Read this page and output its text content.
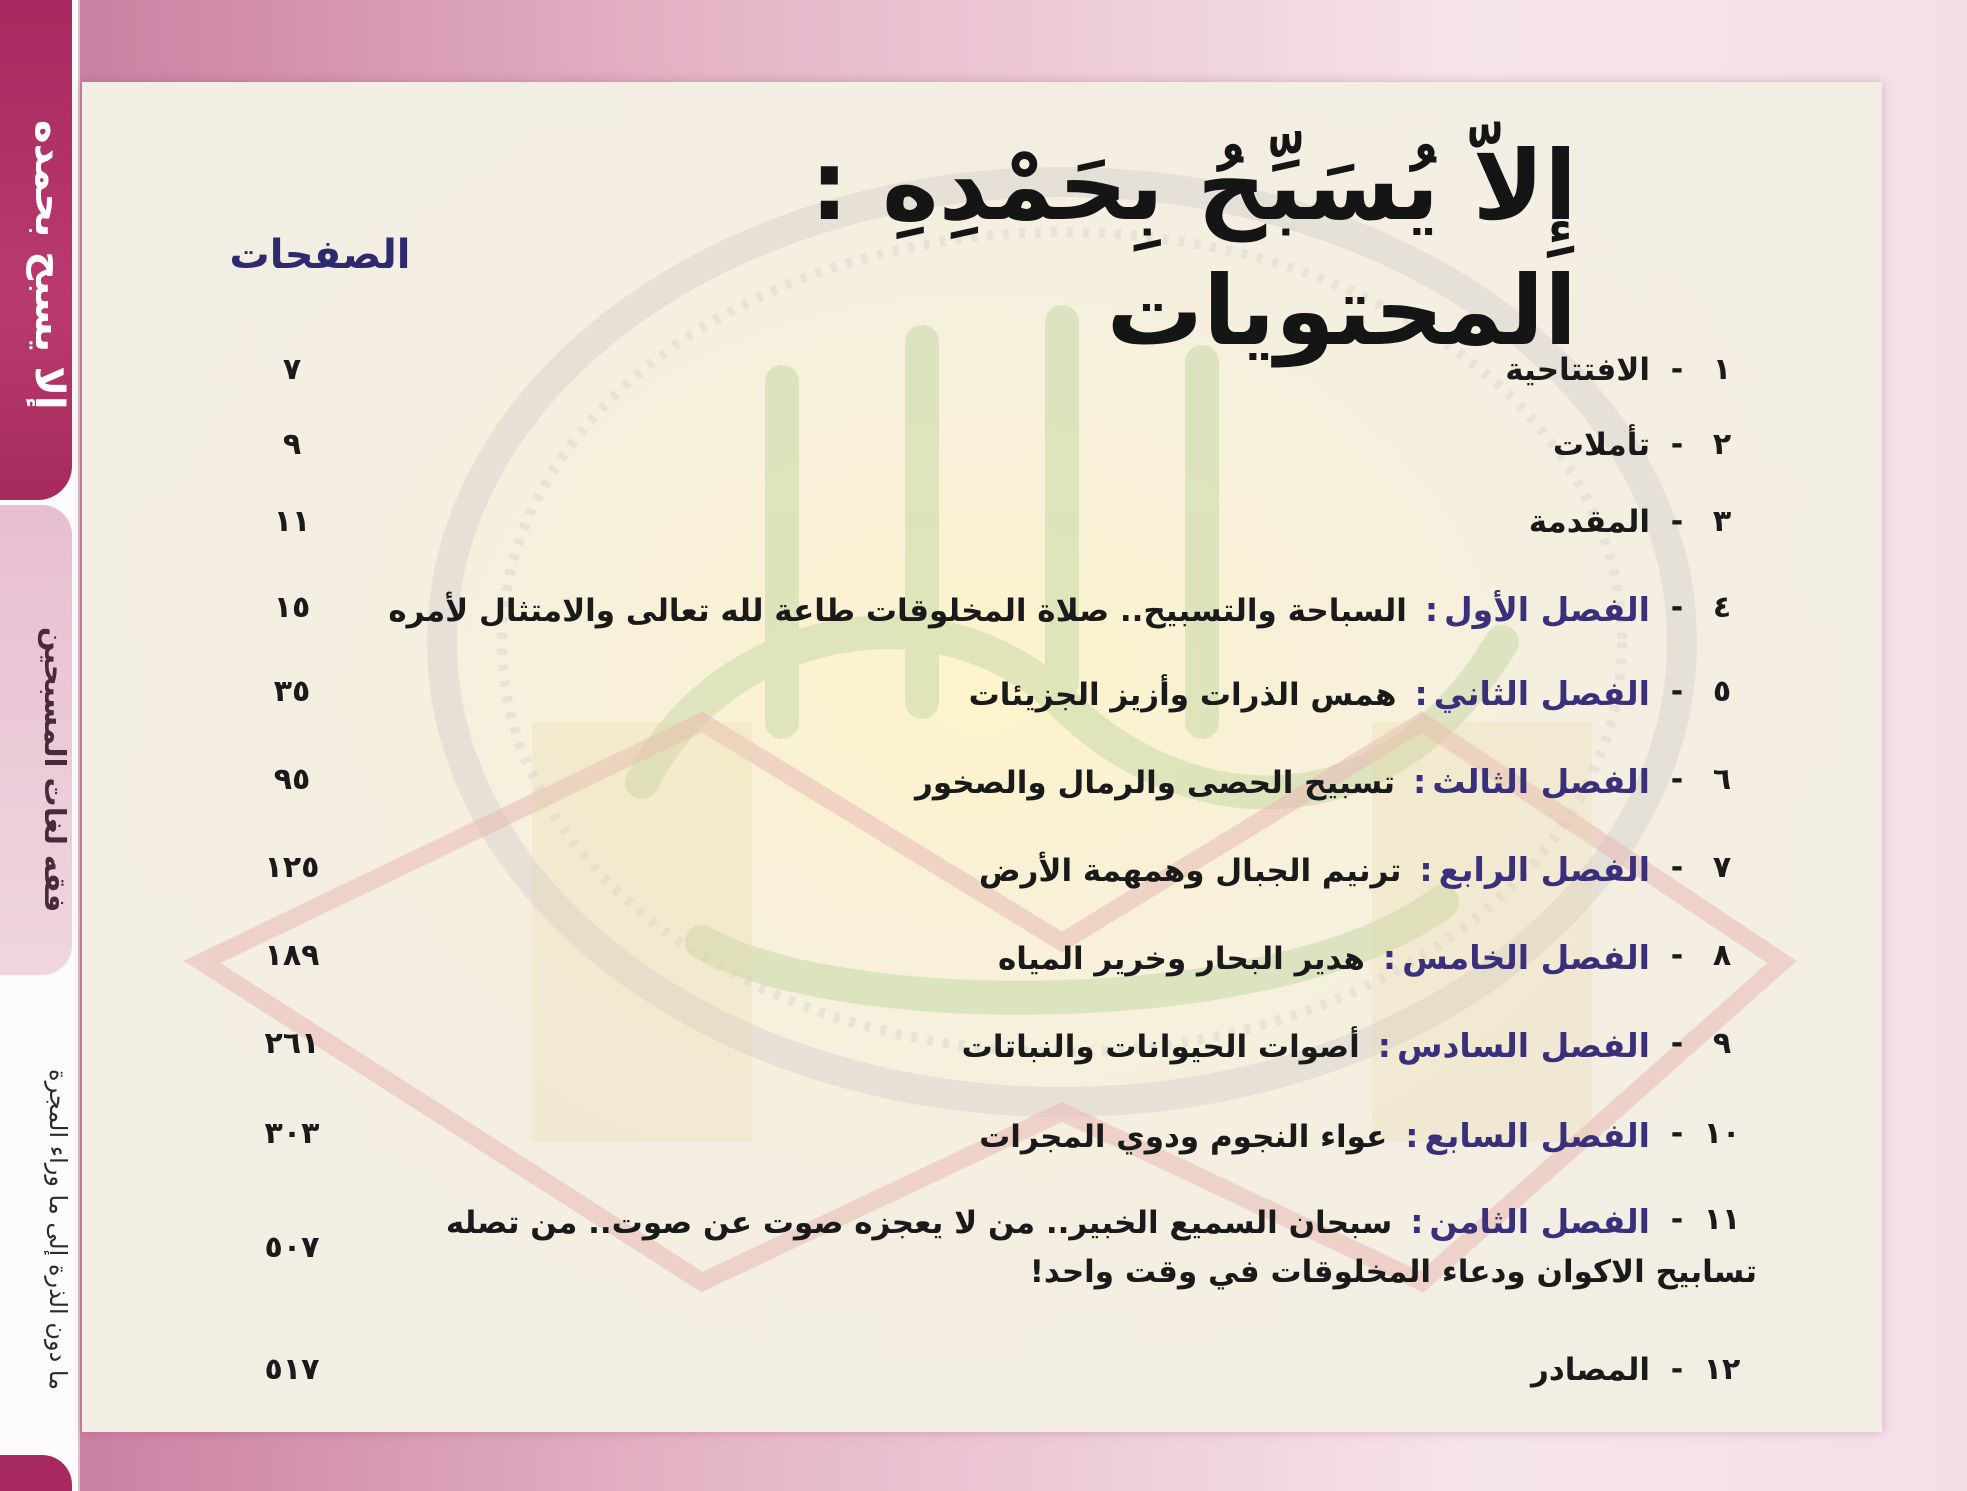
إلا يسبح بحمده
فقه لغات المسبحين
ما دون الذرة إلى ما وراء المجرة
إِلاّ يُسَبِّحُ بِحَمْدِهِ : المحتويات
الصفحات
١
-
الافتتاحية
٧
٢
-
تأملات
٩
٣
-
المقدمة
١١
٤
-
الفصل الأول:السباحة والتسبيح.. صلاة المخلوقات طاعة لله تعالى والامتثال لأمره
١٥
٥
-
الفصل الثاني:همس الذرات وأزيز الجزيئات
٣٥
٦
-
الفصل الثالث:تسبيح الحصى والرمال والصخور
٩٥
٧
-
الفصل الرابع:ترنيم الجبال وهمهمة الأرض
١٢٥
٨
-
الفصل الخامس:هدير البحار وخرير المياه
١٨٩
٩
-
الفصل السادس:أصوات الحيوانات والنباتات
٢٦١
١٠
-
الفصل السابع:عواء النجوم ودوي المجرات
٣٠٣
١١
-
الفصل الثامن:سبحان السميع الخبير.. من لا يعجزه صوت عن صوت.. من تصله
تسابيح الاكوان ودعاء المخلوقات في وقت واحد!
٥٠٧
١٢
-
المصادر
٥١٧
